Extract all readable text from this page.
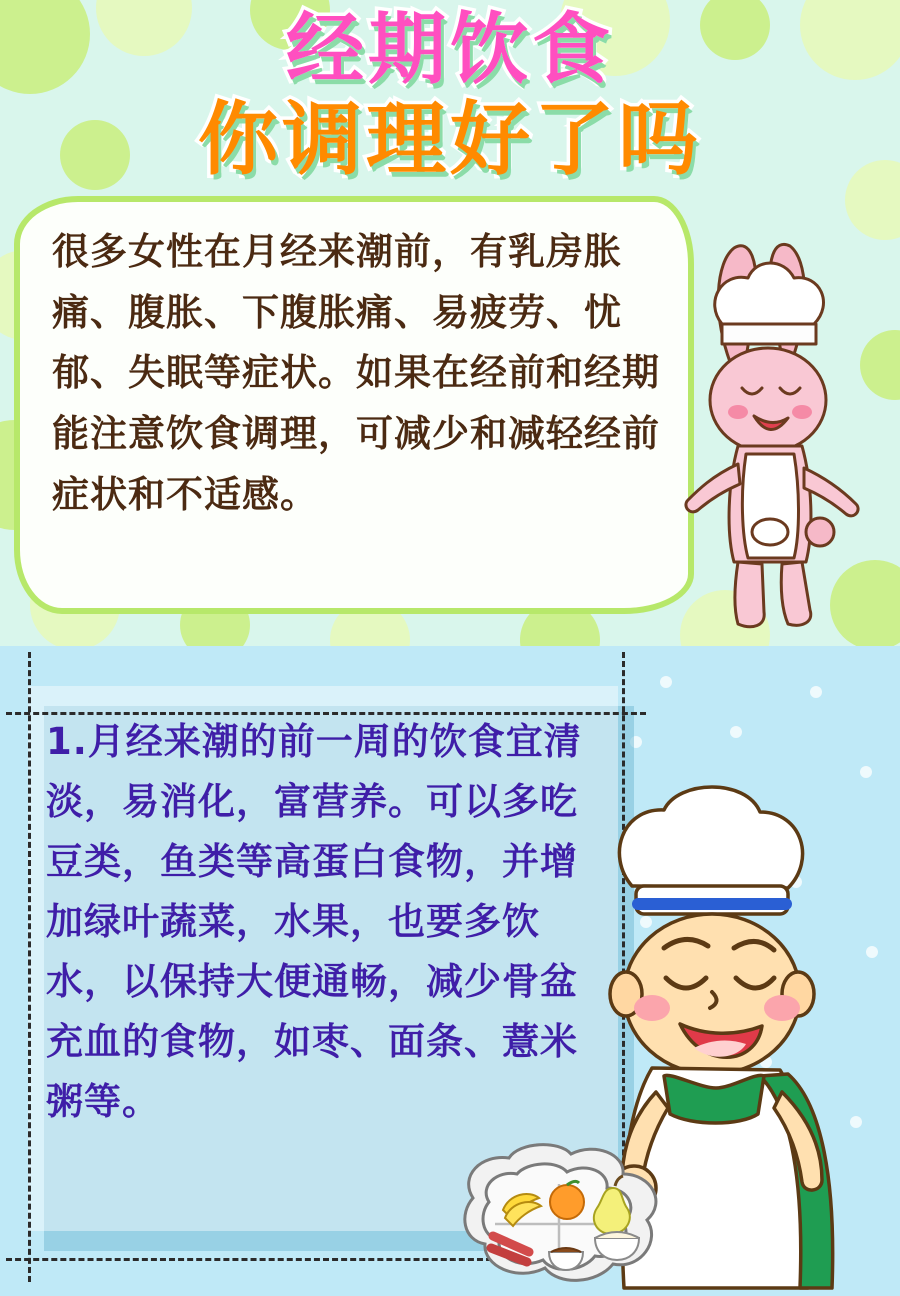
经期饮食
你调理好了吗
很多女性在月经来潮前，有乳房胀痛、腹胀、下腹胀痛、易疲劳、忧郁、失眠等症状。如果在经前和经期能注意饮食调理，可减少和减轻经前症状和不适感。
1.月经来潮的前一周的饮食宜清淡，易消化，富营养。可以多吃豆类，鱼类等高蛋白食物，并增加绿叶蔬菜，水果，也要多饮水，以保持大便通畅，减少骨盆充血的食物，如枣、面条、薏米粥等。
